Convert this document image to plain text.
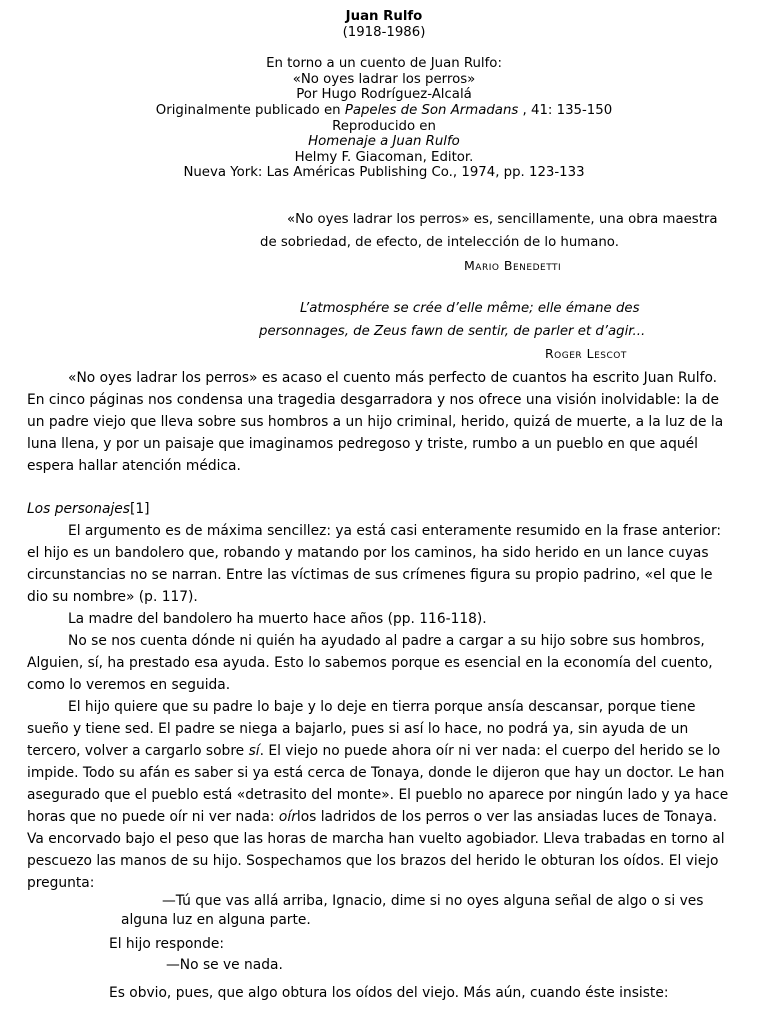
Juan Rulfo
(1918-1986)
En torno a un cuento de Juan Rulfo:
«No oyes ladrar los perros»
Por Hugo Rodríguez-Alcalá
Originalmente publicado en Papeles de Son Armadans , 41: 135-150
Reproducido en
Homenaje a Juan Rulfo
Helmy F. Giacoman, Editor.
Nueva York: Las Américas Publishing Co., 1974, pp. 123-133
«No oyes ladrar los perros» es, sencillamente, una obra maestra
de sobriedad, de efecto, de intelección de lo humano.
Mario Benedetti
L’atmosphére se crée d’elle même; elle émane des
personnages, de Zeus fawn de sentir, de parler et d’agir...
Roger Lescot
«No oyes ladrar los perros» es acaso el cuento más perfecto de cuantos ha escrito Juan Rulfo.
En cinco páginas nos condensa una tragedia desgarradora y nos ofrece una visión inolvidable: la de
un padre viejo que lleva sobre sus hombros a un hijo criminal, herido, quizá de muerte, a la luz de la
luna llena, y por un paisaje que imaginamos pedregoso y triste, rumbo a un pueblo en que aquél
espera hallar atención médica.
Los personajes[1]
El argumento es de máxima sencillez: ya está casi enteramente resumido en la frase anterior:
el hijo es un bandolero que, robando y matando por los caminos, ha sido herido en un lance cuyas
circunstancias no se narran. Entre las víctimas de sus crímenes figura su propio padrino, «el que le
dio su nombre» (p. 117).
La madre del bandolero ha muerto hace años (pp. 116-118).
No se nos cuenta dónde ni quién ha ayudado al padre a cargar a su hijo sobre sus hombros,
Alguien, sí, ha prestado esa ayuda. Esto lo sabemos porque es esencial en la economía del cuento,
como lo veremos en seguida.
El hijo quiere que su padre lo baje y lo deje en tierra porque ansía descansar, porque tiene
sueño y tiene sed. El padre se niega a bajarlo, pues si así lo hace, no podrá ya, sin ayuda de un
tercero, volver a cargarlo sobre sí. El viejo no puede ahora oír ni ver nada: el cuerpo del herido se lo
impide. Todo su afán es saber si ya está cerca de Tonaya, donde le dijeron que hay un doctor. Le han
asegurado que el pueblo está «detrasito del monte». El pueblo no aparece por ningún lado y ya hace
horas que no puede oír ni ver nada: oírlos ladridos de los perros o ver las ansiadas luces de Tonaya.
Va encorvado bajo el peso que las horas de marcha han vuelto agobiador. Lleva trabadas en torno al
pescuezo las manos de su hijo. Sospechamos que los brazos del herido le obturan los oídos. El viejo
pregunta:
—Tú que vas allá arriba, Ignacio, dime si no oyes alguna señal de algo o si ves
alguna luz en alguna parte.
El hijo responde:
—No se ve nada.
Es obvio, pues, que algo obtura los oídos del viejo. Más aún, cuando éste insiste:
